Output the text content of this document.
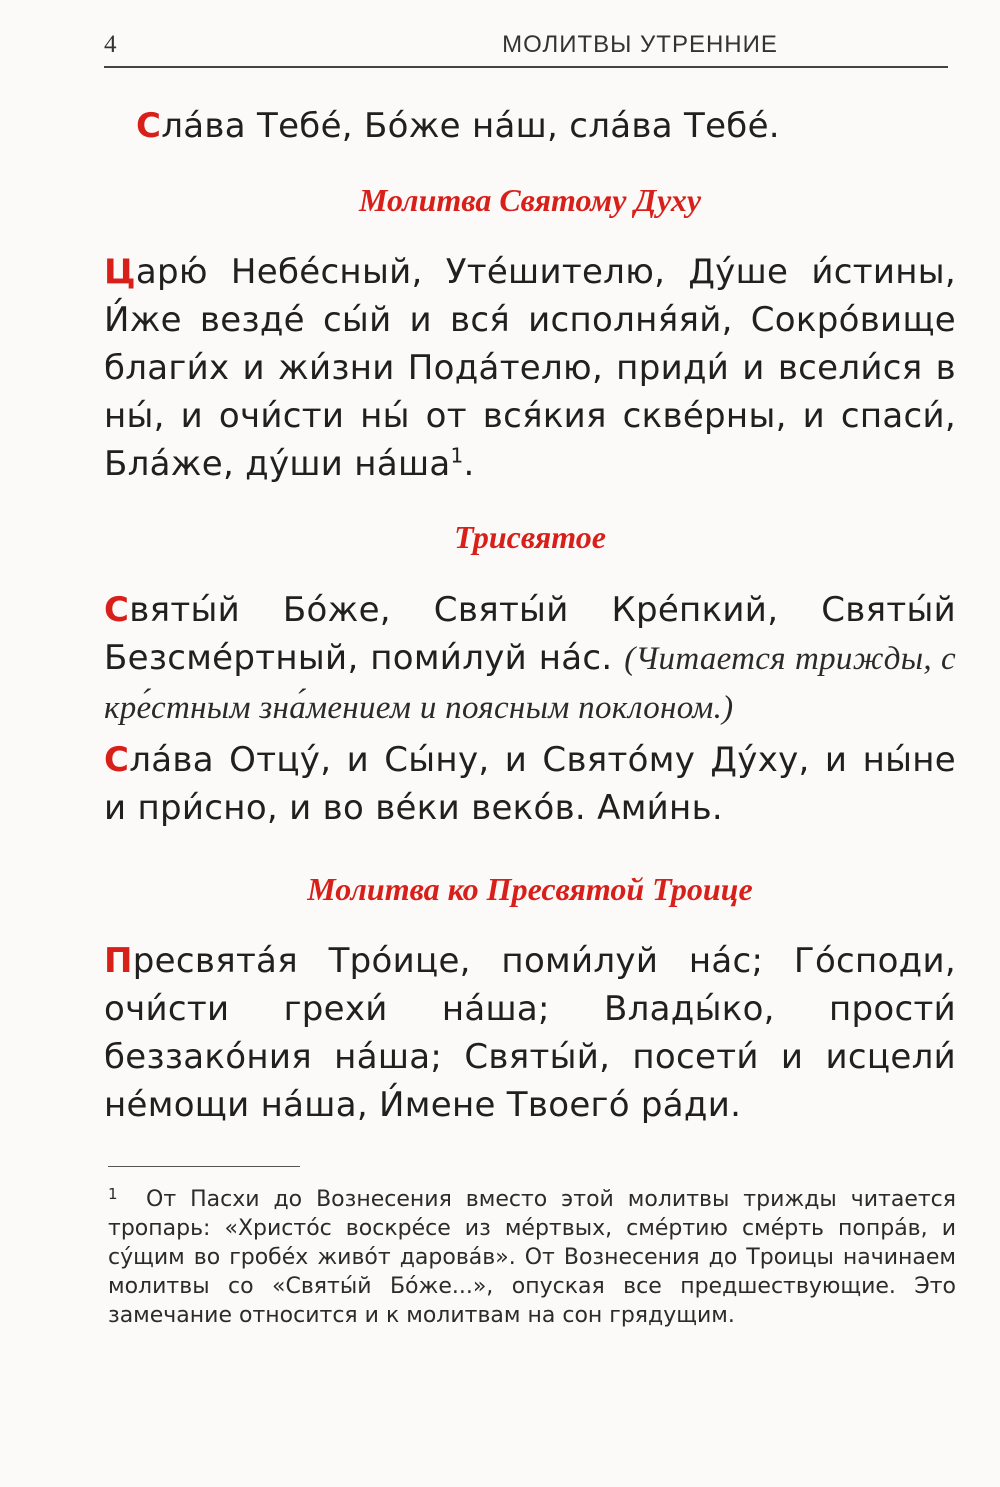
4	МОЛИТВЫ УТРЕННИЕ

Сла́ва Тебе́, Бо́же на́ш, сла́ва Тебе́.

Молитва Святому Духу

Царю́ Небе́сный, Уте́шителю, Ду́ше и́стины, И́же везде́ сы́й и вся́ исполня́яй, Сокро́вище благи́х и жи́зни Пода́телю, приди́ и всели́ся в ны́, и очи́сти ны́ от вся́кия скве́рны, и спаси́, Бла́же, ду́ши $на́ша^1$.

Трисвятое

Святы́й Бо́же, Святы́й Кре́пкий, Святы́й Безсме́ртный, поми́луй на́с. (Читается трижды, с кре́стным зна́мением и поясным поклоном.)

Сла́ва Отцу́, и Сы́ну, и Свято́му Ду́ху, и ны́не и при́сно, и во ве́ки веко́в. Ами́нь.

Молитва ко Пресвятой Троице

Пресвята́я Тро́ице, поми́луй на́с; Го́споди, очи́сти грехи́ на́ша; Влады́ко, прости́ беззако́ния на́ша; Святы́й, посети́ и исцели́ не́мощи на́ша, И́мене Твоего́ ра́ди.

1 От Пасхи до Вознесения вместо этой молитвы трижды читается тропарь: «Христо́с воскре́се из ме́ртвых, сме́ртию сме́рть попра́в, и су́щим во гробе́х живо́т дарова́в». От Вознесения до Троицы начинаем молитвы со «Святы́й Бо́же...», опуская все предшествующие. Это замечание относится и к молитвам на сон грядущим.
